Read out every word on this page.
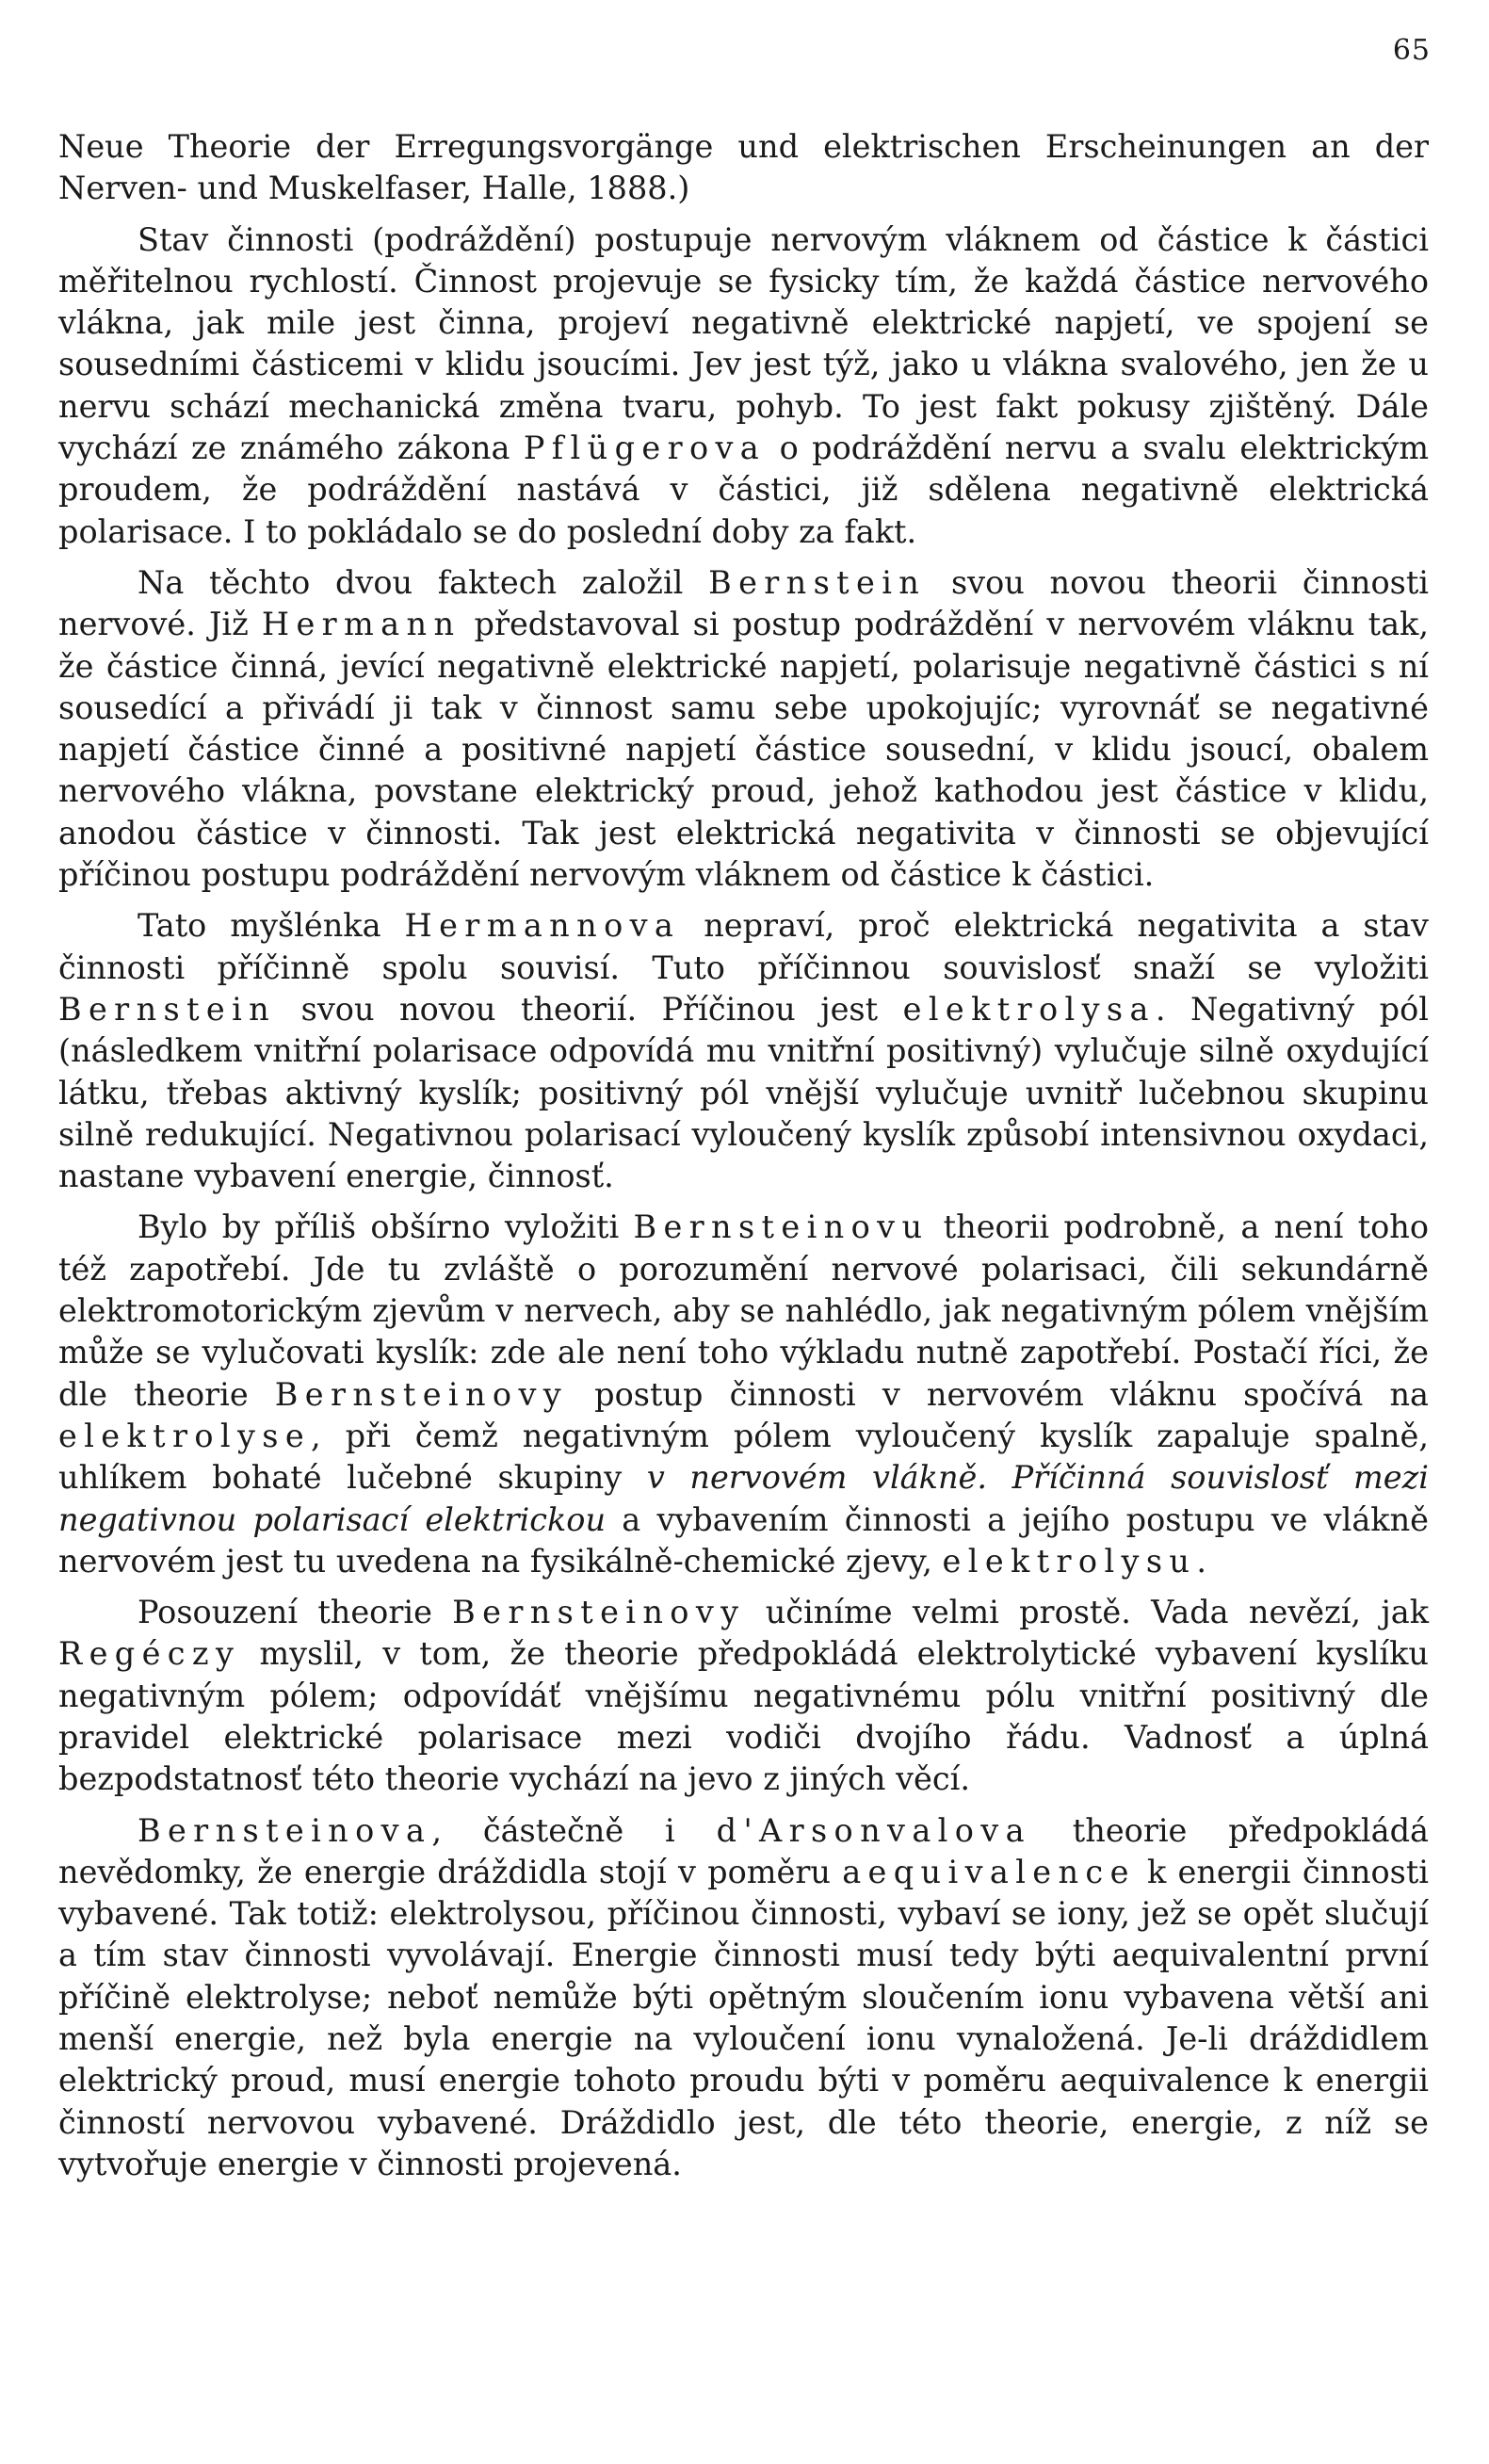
65

Neue Theorie der Erregungsvorgänge und elektrischen Erscheinungen an der Nerven- und Muskelfaser, Halle, 1888.)

Stav činnosti (podráždění) postupuje nervovým vláknem od částice k částici měřitelnou rychlostí. Činnost projevuje se fysicky tím, že každá částice nervového vlákna, jak mile jest činna, projeví negativně elektrické napjetí, ve spojení se sousedními částicemi v klidu jsoucími. Jev jest týž, jako u vlákna svalového, jen že u nervu schází mechanická změna tvaru, pohyb. To jest fakt pokusy zjištěný. Dále vychází ze známého zákona Pflügerova o podráždění nervu a svalu elektrickým proudem, že podráždění nastává v částici, již sdělena negativně elektrická polarisace. I to pokládalo se do poslední doby za fakt.

Na těchto dvou faktech založil Bernstein svou novou theorii činnosti nervové. Již Hermann představoval si postup podráždění v nervovém vláknu tak, že částice činná, jevící negativně elektrické napjetí, polarisuje negativně částici s ní sousedící a přivádí ji tak v činnost samu sebe upokojujíc; vyrovnáť se negativné napjetí částice činné a positivné napjetí částice sousední, v klidu jsoucí, obalem nervového vlákna, povstane elektrický proud, jehož kathodou jest částice v klidu, anodou částice v činnosti. Tak jest elektrická negativita v činnosti se objevující příčinou postupu podráždění nervovým vláknem od částice k částici.

Tato myšlénka Hermannova nepraví, proč elektrická negativita a stav činnosti příčinně spolu souvisí. Tuto příčinnou souvislosť snaží se vyložiti Bernstein svou novou theorií. Příčinou jest elektrolysa. Negativný pól (následkem vnitřní polarisace odpovídá mu vnitřní positivný) vylučuje silně oxydující látku, třebas aktivný kyslík; positivný pól vnější vylučuje uvnitř lučebnou skupinu silně redukující. Negativnou polarisací vyloučený kyslík způsobí intensivnou oxydaci, nastane vybavení energie, činnosť.

Bylo by příliš obšírno vyložiti Bernsteinovu theorii podrobně, a není toho též zapotřebí. Jde tu zvláště o porozumění nervové polarisaci, čili sekundárně elektromotorickým zjevům v nervech, aby se nahlédlo, jak negativným pólem vnějším může se vylučovati kyslík: zde ale není toho výkladu nutně zapotřebí. Postačí říci, že dle theorie Bernsteinovy postup činnosti v nervovém vláknu spočívá na elektrolyse, při čemž negativným pólem vyloučený kyslík zapaluje spalně, uhlíkem bohaté lučebné skupiny v nervovém vlákně. Příčinná souvislosť mezi negativnou polarisací elektrickou a vybavením činnosti a jejího postupu ve vlákně nervovém jest tu uvedena na fysikálně-chemické zjevy, elektrolysu.

Posouzení theorie Bernsteinovy učiníme velmi prostě. Vada nevězí, jak Regéczy myslil, v tom, že theorie předpokládá elektrolytické vybavení kyslíku negativným pólem; odpovídáť vnějšímu negativnému pólu vnitřní positivný dle pravidel elektrické polarisace mezi vodiči dvojího řádu. Vadnosť a úplná bezpodstatnosť této theorie vychází na jevo z jiných věcí.

Bernsteinova, částečně i d'Arsonvalova theorie předpokládá nevědomky, že energie dráždidla stojí v poměru aequivalence k energii činnosti vybavené. Tak totiž: elektrolysou, příčinou činnosti, vybaví se iony, jež se opět slučují a tím stav činnosti vyvolávají. Energie činnosti musí tedy býti aequivalentní první příčině elektrolyse; neboť nemůže býti opětným sloučením ionu vybavena větší ani menší energie, než byla energie na vyloučení ionu vynaložená. Je-li dráždidlem elektrický proud, musí energie tohoto proudu býti v poměru aequivalence k energii činností nervovou vybavené. Dráždidlo jest, dle této theorie, energie, z níž se vytvořuje energie v činnosti projevená.
